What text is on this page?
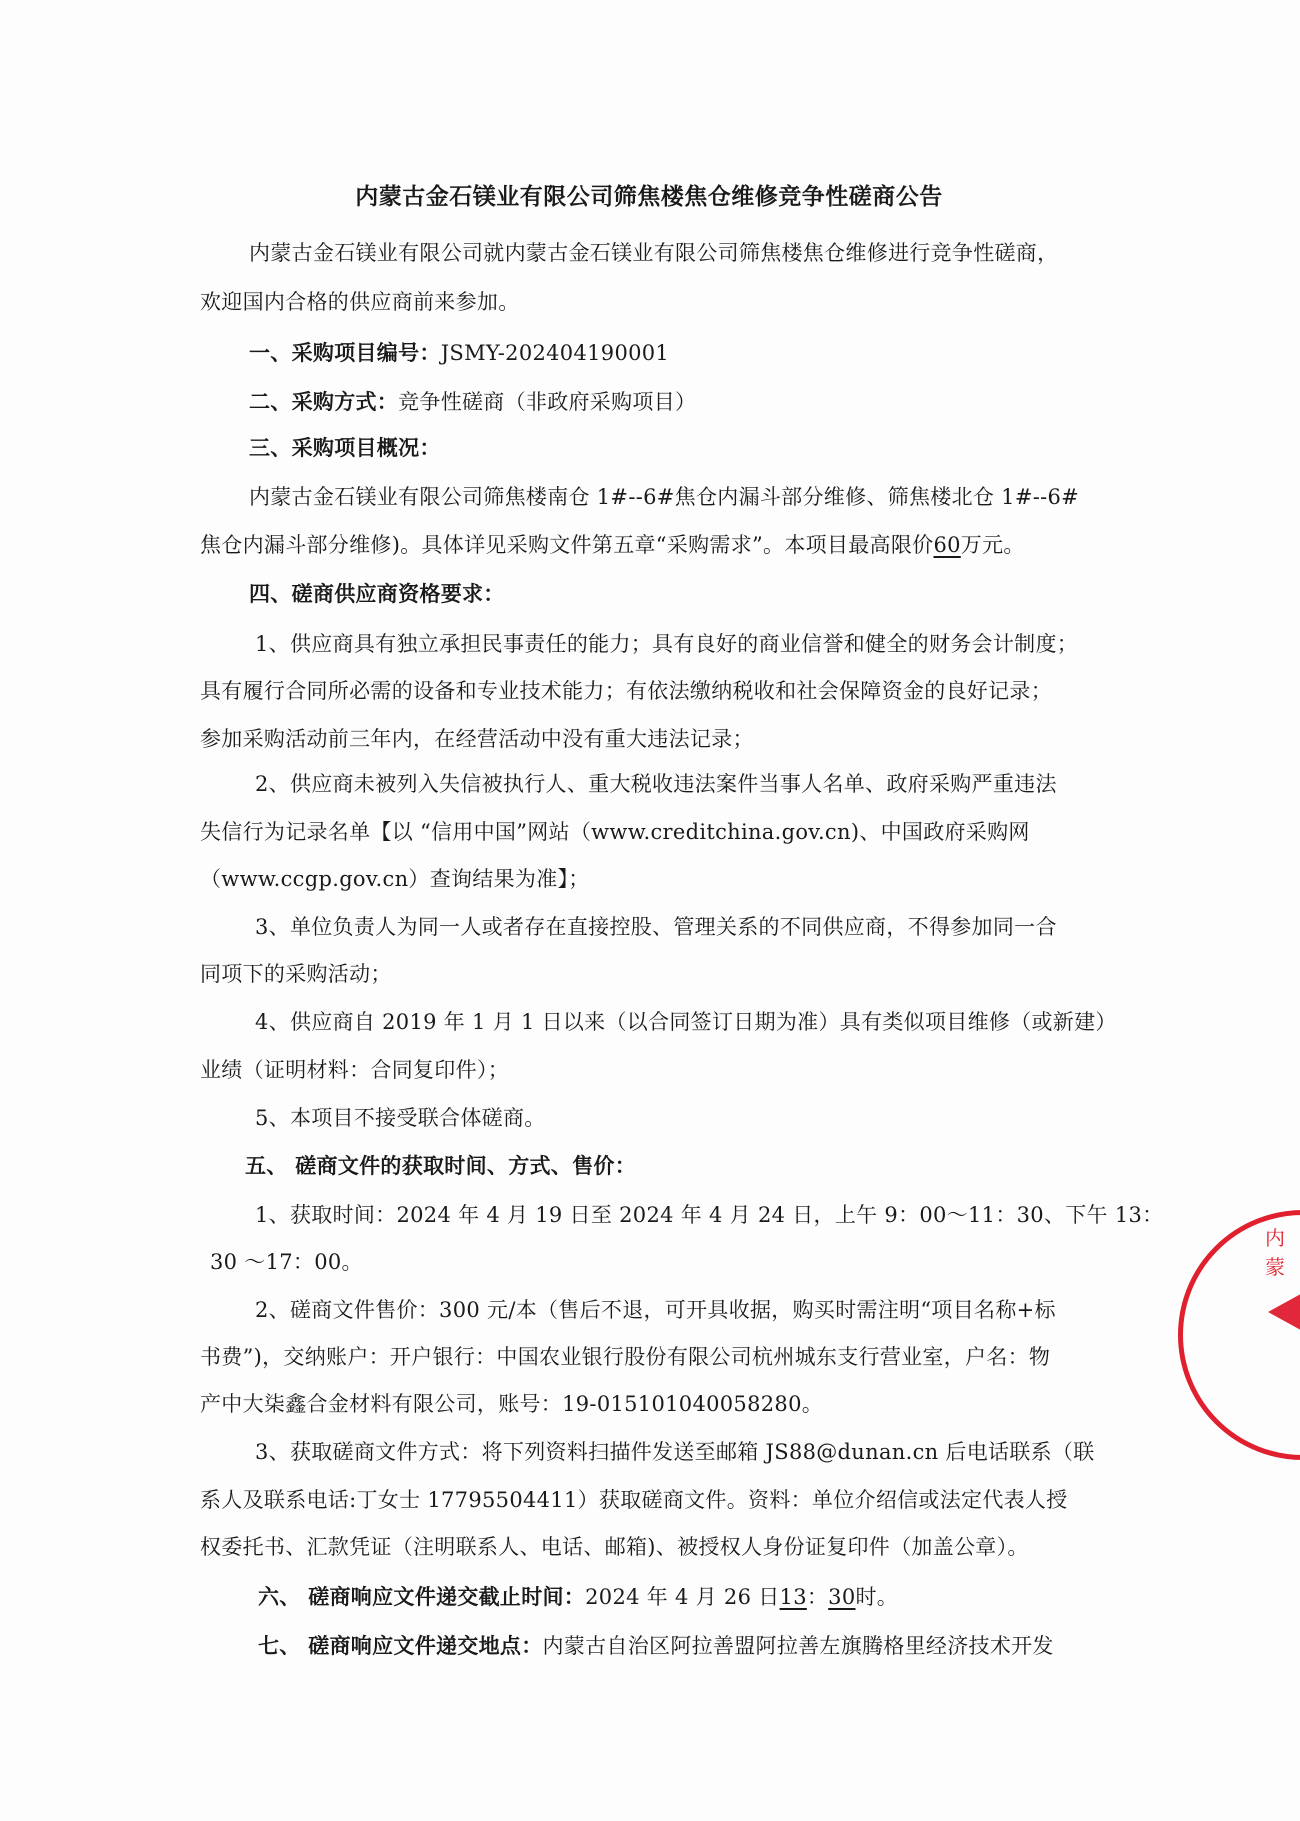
内蒙古金石镁业有限公司筛焦楼焦仓维修竞争性磋商公告
内蒙古金石镁业有限公司就内蒙古金石镁业有限公司筛焦楼焦仓维修进行竞争性磋商，
欢迎国内合格的供应商前来参加。
一、采购项目编号：JSMY-202404190001
二、采购方式：竞争性磋商（非政府采购项目）
三、采购项目概况：
内蒙古金石镁业有限公司筛焦楼南仓 1#--6#焦仓内漏斗部分维修、筛焦楼北仓 1#--6#
焦仓内漏斗部分维修)。具体详见采购文件第五章“采购需求”。本项目最高限价60万元。
四、磋商供应商资格要求：
1、供应商具有独立承担民事责任的能力；具有良好的商业信誉和健全的财务会计制度；
具有履行合同所必需的设备和专业技术能力；有依法缴纳税收和社会保障资金的良好记录；
参加采购活动前三年内，在经营活动中没有重大违法记录；
2、供应商未被列入失信被执行人、重大税收违法案件当事人名单、政府采购严重违法
失信行为记录名单【以 “信用中国”网站（www.creditchina.gov.cn)、中国政府采购网
（www.ccgp.gov.cn）查询结果为准】；
3、单位负责人为同一人或者存在直接控股、管理关系的不同供应商，不得参加同一合
同项下的采购活动；
4、供应商自 2019 年 1 月 1 日以来（以合同签订日期为准）具有类似项目维修（或新建）
业绩（证明材料：合同复印件）；
5、本项目不接受联合体磋商。
五、 磋商文件的获取时间、方式、售价：
1、获取时间：2024 年 4 月 19 日至 2024 年 4 月 24 日，上午 9：00～11：30、下午 13：
30 ～17：00。
2、磋商文件售价：300 元/本（售后不退，可开具收据，购买时需注明“项目名称+标
书费”)，交纳账户：开户银行：中国农业银行股份有限公司杭州城东支行营业室，户名：物
产中大柒鑫合金材料有限公司，账号：19-015101040058280。
3、获取磋商文件方式：将下列资料扫描件发送至邮箱 JS88@dunan.cn 后电话联系（联
系人及联系电话:丁女士 17795504411）获取磋商文件。资料：单位介绍信或法定代表人授
权委托书、汇款凭证（注明联系人、电话、邮箱)、被授权人身份证复印件（加盖公章）。
六、 磋商响应文件递交截止时间：2024 年 4 月 26 日13：30时。
七、 磋商响应文件递交地点：内蒙古自治区阿拉善盟阿拉善左旗腾格里经济技术开发
内蒙
